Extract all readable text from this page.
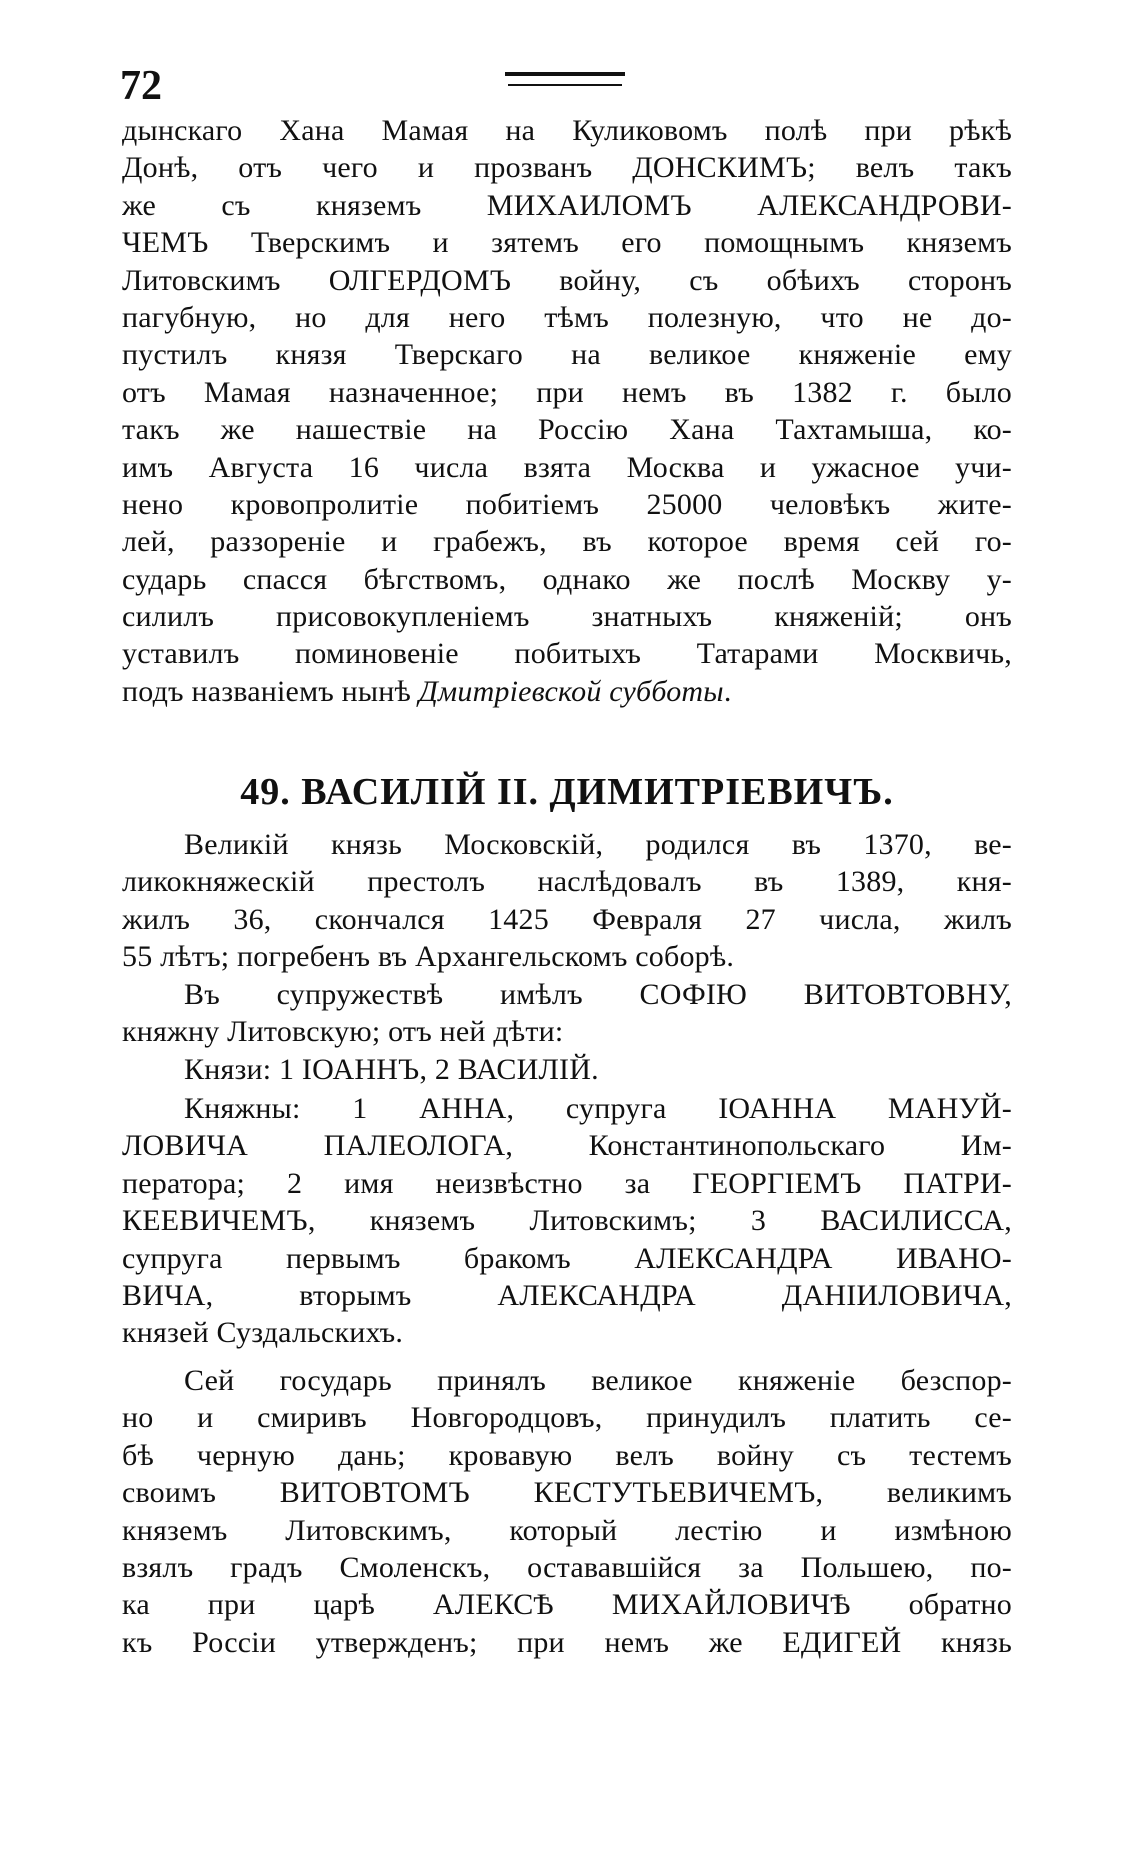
72
дынскаго Хана Мамая на Куликовомъ полѣ при рѣкѣ
Донѣ, отъ чего и прозванъ ДОНСКИМЪ; велъ такъ
же съ княземъ МИХАИЛОМЪ АЛЕКСАНДРОВИ-
ЧЕМЪ Тверскимъ и зятемъ его помощнымъ княземъ
Литовскимъ ОЛГЕРДОМЪ войну, съ обѣихъ сторонъ
пагубную, но для него тѣмъ полезную, что не до-
пустилъ князя Тверскаго на великое княженіе ему
отъ Мамая назначенное; при немъ въ 1382 г. было
такъ же нашествіе на Россію Хана Тахтамыша, ко-
имъ Августа 16 числа взята Москва и ужасное учи-
нено кровопролитіе побитіемъ 25000 человѣкъ жите-
лей, раззореніе и грабежъ, въ которое время сей го-
сударь спасся бѣгствомъ, однако же послѣ Москву у-
силилъ присовокупленіемъ знатныхъ княженій; онъ
уставилъ поминовеніе побитыхъ Татарами Москвичь,
подъ названіемъ нынѣ Дмитріевской субботы.
49. ВАСИЛІЙ II. ДИМИТРІЕВИЧЪ.
Великій князь Московскій, родился въ 1370, ве-
ликокняжескій престолъ наслѣдовалъ въ 1389, кня-
жилъ 36, скончался 1425 Февраля 27 числа, жилъ
55 лѣтъ; погребенъ въ Архангельскомъ соборѣ.
Въ супружествѣ имѣлъ СОФІЮ ВИТОВТОВНУ,
княжну Литовскую; отъ ней дѣти:
Князи: 1 ІОАННЪ, 2 ВАСИЛІЙ.
Княжны: 1 АННА, супруга ІОАННА МАНУЙ-
ЛОВИЧА ПАЛЕОЛОГА, Константинопольскаго Им-
ператора; 2 имя неизвѣстно за ГЕОРГІЕМЪ ПАТРИ-
КЕЕВИЧЕМЪ, княземъ Литовскимъ; 3 ВАСИЛИССА,
супруга первымъ бракомъ АЛЕКСАНДРА ИВАНО-
ВИЧА, вторымъ АЛЕКСАНДРА ДАНІИЛОВИЧА,
князей Суздальскихъ.
Сей государь принялъ великое княженіе безспор-
но и смиривъ Новгородцовъ, принудилъ платить се-
бѣ черную дань; кровавую велъ войну съ тестемъ
своимъ ВИТОВТОМЪ КЕСТУТЬЕВИЧЕМЪ, великимъ
княземъ Литовскимъ, который лестію и измѣною
взялъ градъ Смоленскъ, остававшійся за Польшею, по-
ка при царѣ АЛЕКСѢ МИХАЙЛОВИЧѢ обратно
къ Россіи утвержденъ; при немъ же ЕДИГЕЙ князь
